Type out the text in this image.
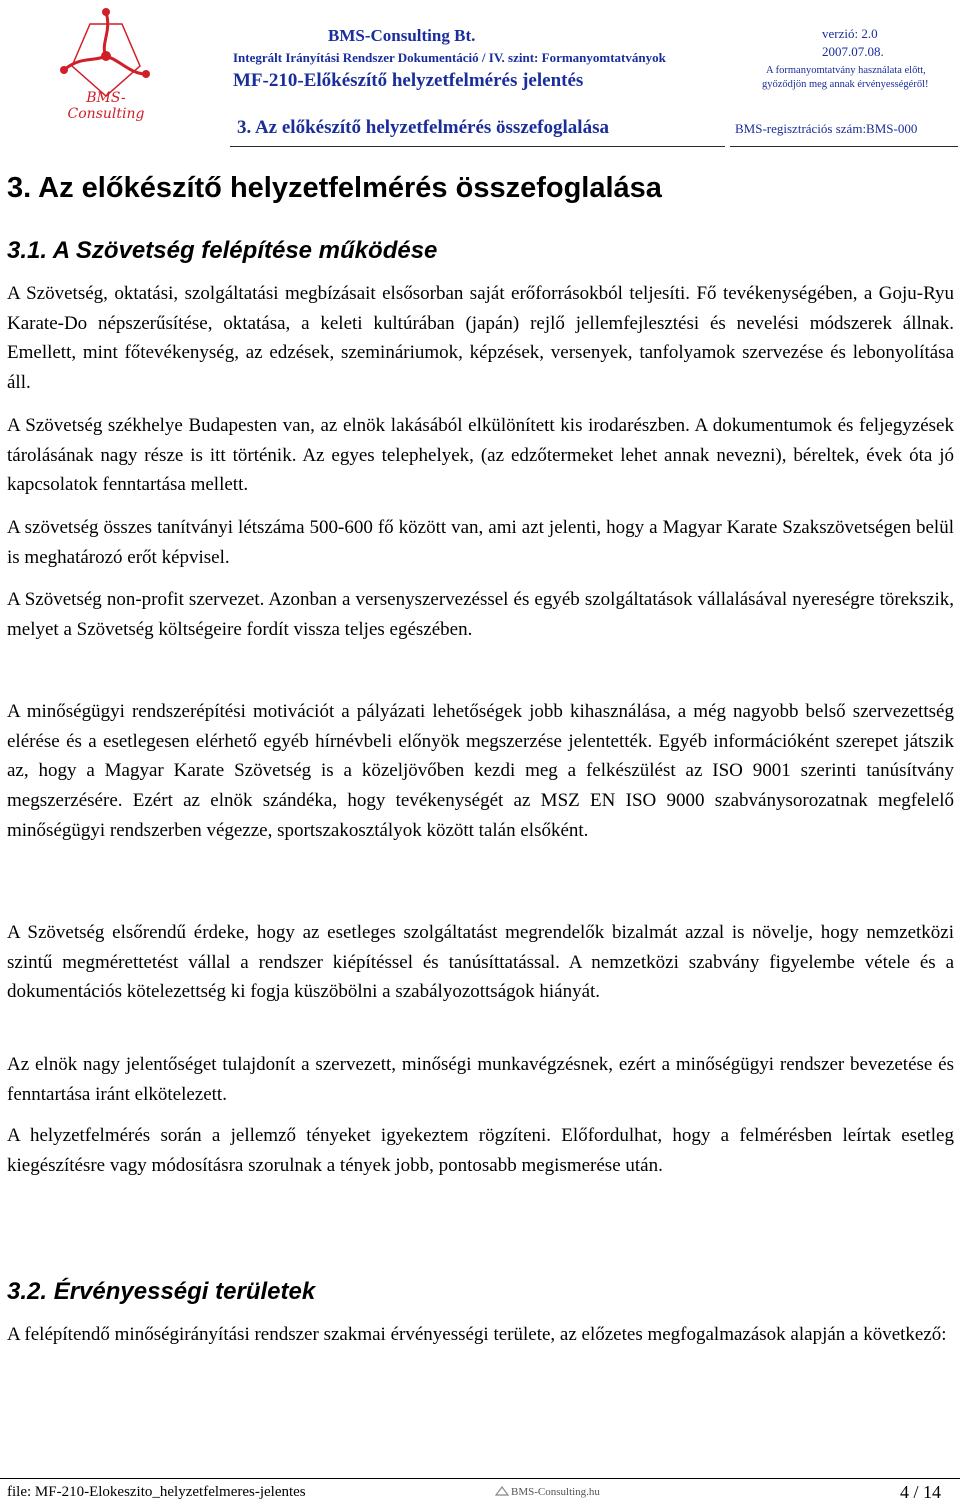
BMS-Consulting
BMS-Consulting Bt.
Integrált Irányítási Rendszer Dokumentáció / IV. szint: Formanyomtatványok
MF-210-Előkészítő helyzetfelmérés jelentés
verzió: 2.0
2007.07.08.
A formanyomtatvány használata előtt,
győződjön meg annak érvényességéről!
3. Az előkészítő helyzetfelmérés összefoglalása	BMS-regisztrációs szám:BMS-000
3. Az előkészítő helyzetfelmérés összefoglalása
3.1. A Szövetség felépítése működése

A Szövetség, oktatási, szolgáltatási megbízásait elsősorban saját erőforrásokból teljesíti. Fő tevékenységében, a Goju-Ryu Karate-Do népszerűsítése, oktatása, a keleti kultúrában (japán) rejlő jellemfejlesztési és nevelési módszerek állnak. Emellett, mint főtevékenység, az edzések, szemináriumok, képzések, versenyek, tanfolyamok szervezése és lebonyolítása áll.

A Szövetség székhelye Budapesten van, az elnök lakásából elkülönített kis irodarészben. A dokumentumok és feljegyzések tárolásának nagy része is itt történik. Az egyes telephelyek, (az edzőtermeket lehet annak nevezni), béreltek, évek óta jó kapcsolatok fenntartása mellett.

A szövetség összes tanítványi létszáma 500-600 fő között van, ami azt jelenti, hogy a Magyar Karate Szakszövetségen belül is meghatározó erőt képvisel.

A Szövetség non-profit szervezet. Azonban a versenyszervezéssel és egyéb szolgáltatások vállalásával nyereségre törekszik, melyet a Szövetség költségeire fordít vissza teljes egészében.

A minőségügyi rendszerépítési motivációt a pályázati lehetőségek jobb kihasználása, a még nagyobb belső szervezettség elérése és a esetlegesen elérhető egyéb hírnévbeli előnyök megszerzése jelentették. Egyéb információként szerepet játszik az, hogy a Magyar Karate Szövetség is a közeljövőben kezdi meg a felkészülést az ISO 9001 szerinti tanúsítvány megszerzésére. Ezért az elnök szándéka, hogy tevékenységét az MSZ EN ISO 9000 szabványsorozatnak megfelelő minőségügyi rendszerben végezze, sportszakosztályok között talán elsőként.

A Szövetség elsőrendű érdeke, hogy az esetleges szolgáltatást megrendelők bizalmát azzal is növelje, hogy nemzetközi szintű megmérettetést vállal a rendszer kiépítéssel és tanúsíttatással. A nemzetközi szabvány figyelembe vétele és a dokumentációs kötelezettség ki fogja küszöbölni a szabályozottságok hiányát.

Az elnök nagy jelentőséget tulajdonít a szervezett, minőségi munkavégzésnek, ezért a minőségügyi rendszer bevezetése és fenntartása iránt elkötelezett.

A helyzetfelmérés során a jellemző tényeket igyekeztem rögzíteni. Előfordulhat, hogy a felmérésben leírtak esetleg kiegészítésre vagy módosításra szorulnak a tények jobb, pontosabb megismerése után.

3.2. Érvényességi területek

A felépítendő minőségirányítási rendszer szakmai érvényességi területe, az előzetes megfogalmazások alapján a következő:

file: MF-210-Elokeszito_helyzetfelmeres-jelentes	BMS-Consulting.hu	4 / 14
